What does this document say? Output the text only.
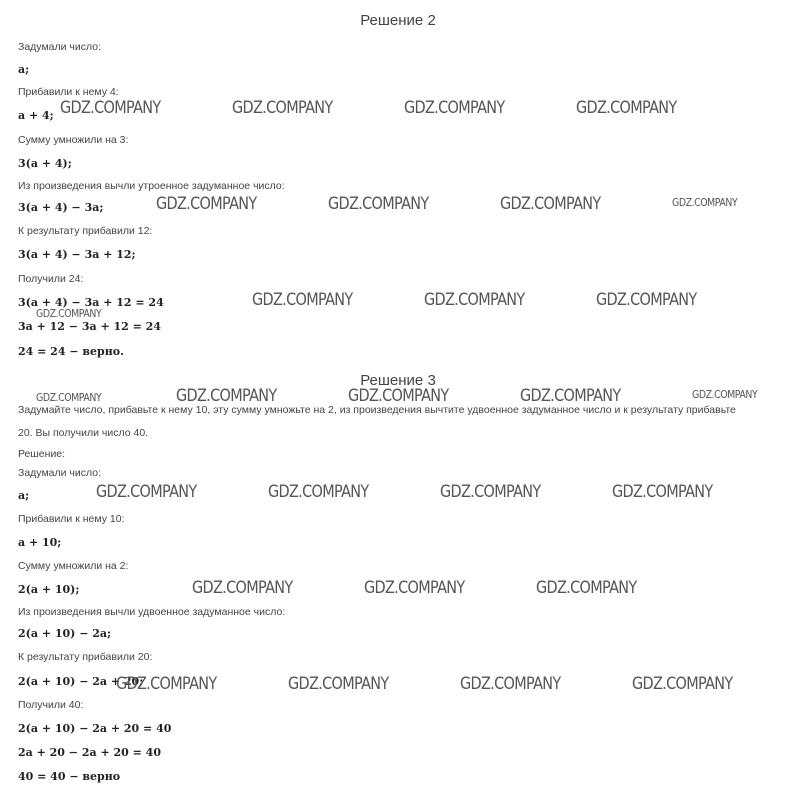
Решение 2
Задумали число:
a;
Прибавили к нему 4:
a + 4;
Сумму умножили на 3:
3(a + 4);
Из произведения вычли утроенное задуманное число:
3(a + 4) − 3a;
К результату прибавили 12:
3(a + 4) − 3a + 12;
Получили 24:
3(a + 4) − 3a + 12 = 24
3a + 12 − 3a + 12 = 24
24 = 24 − верно.
Решение 3
Задумайте число, прибавьте к нему 10, эту сумму умножьте на 2, из произведения вычтите удвоенное задуманное число и к результату прибавьте
20. Вы получили число 40.
Решение:
Задумали число:
a;
Прибавили к нему 10:
a + 10;
Сумму умножили на 2:
2(a + 10);
Из произведения вычли удвоенное задуманное число:
2(a + 10) − 2a;
К результату прибавили 20:
2(a + 10) − 2a + 20;
Получили 40:
2(a + 10) − 2a + 20 = 40
2a + 20 − 2a + 20 = 40
40 = 40 − верно
GDZ.COMPANY	GDZ.COMPANY	GDZ.COMPANY	GDZ.COMPANY
GDZ.COMPANY	GDZ.COMPANY	GDZ.COMPANY	GDZ.COMPANY
GDZ.COMPANY	GDZ.COMPANY	GDZ.COMPANY
GDZ.COMPANY
GDZ.COMPANY	GDZ.COMPANY	GDZ.COMPANY	GDZ.COMPANY	GDZ.COMPANY
GDZ.COMPANY	GDZ.COMPANY	GDZ.COMPANY	GDZ.COMPANY
GDZ.COMPANY	GDZ.COMPANY	GDZ.COMPANY
GDZ.COMPANY	GDZ.COMPANY	GDZ.COMPANY	GDZ.COMPANY
